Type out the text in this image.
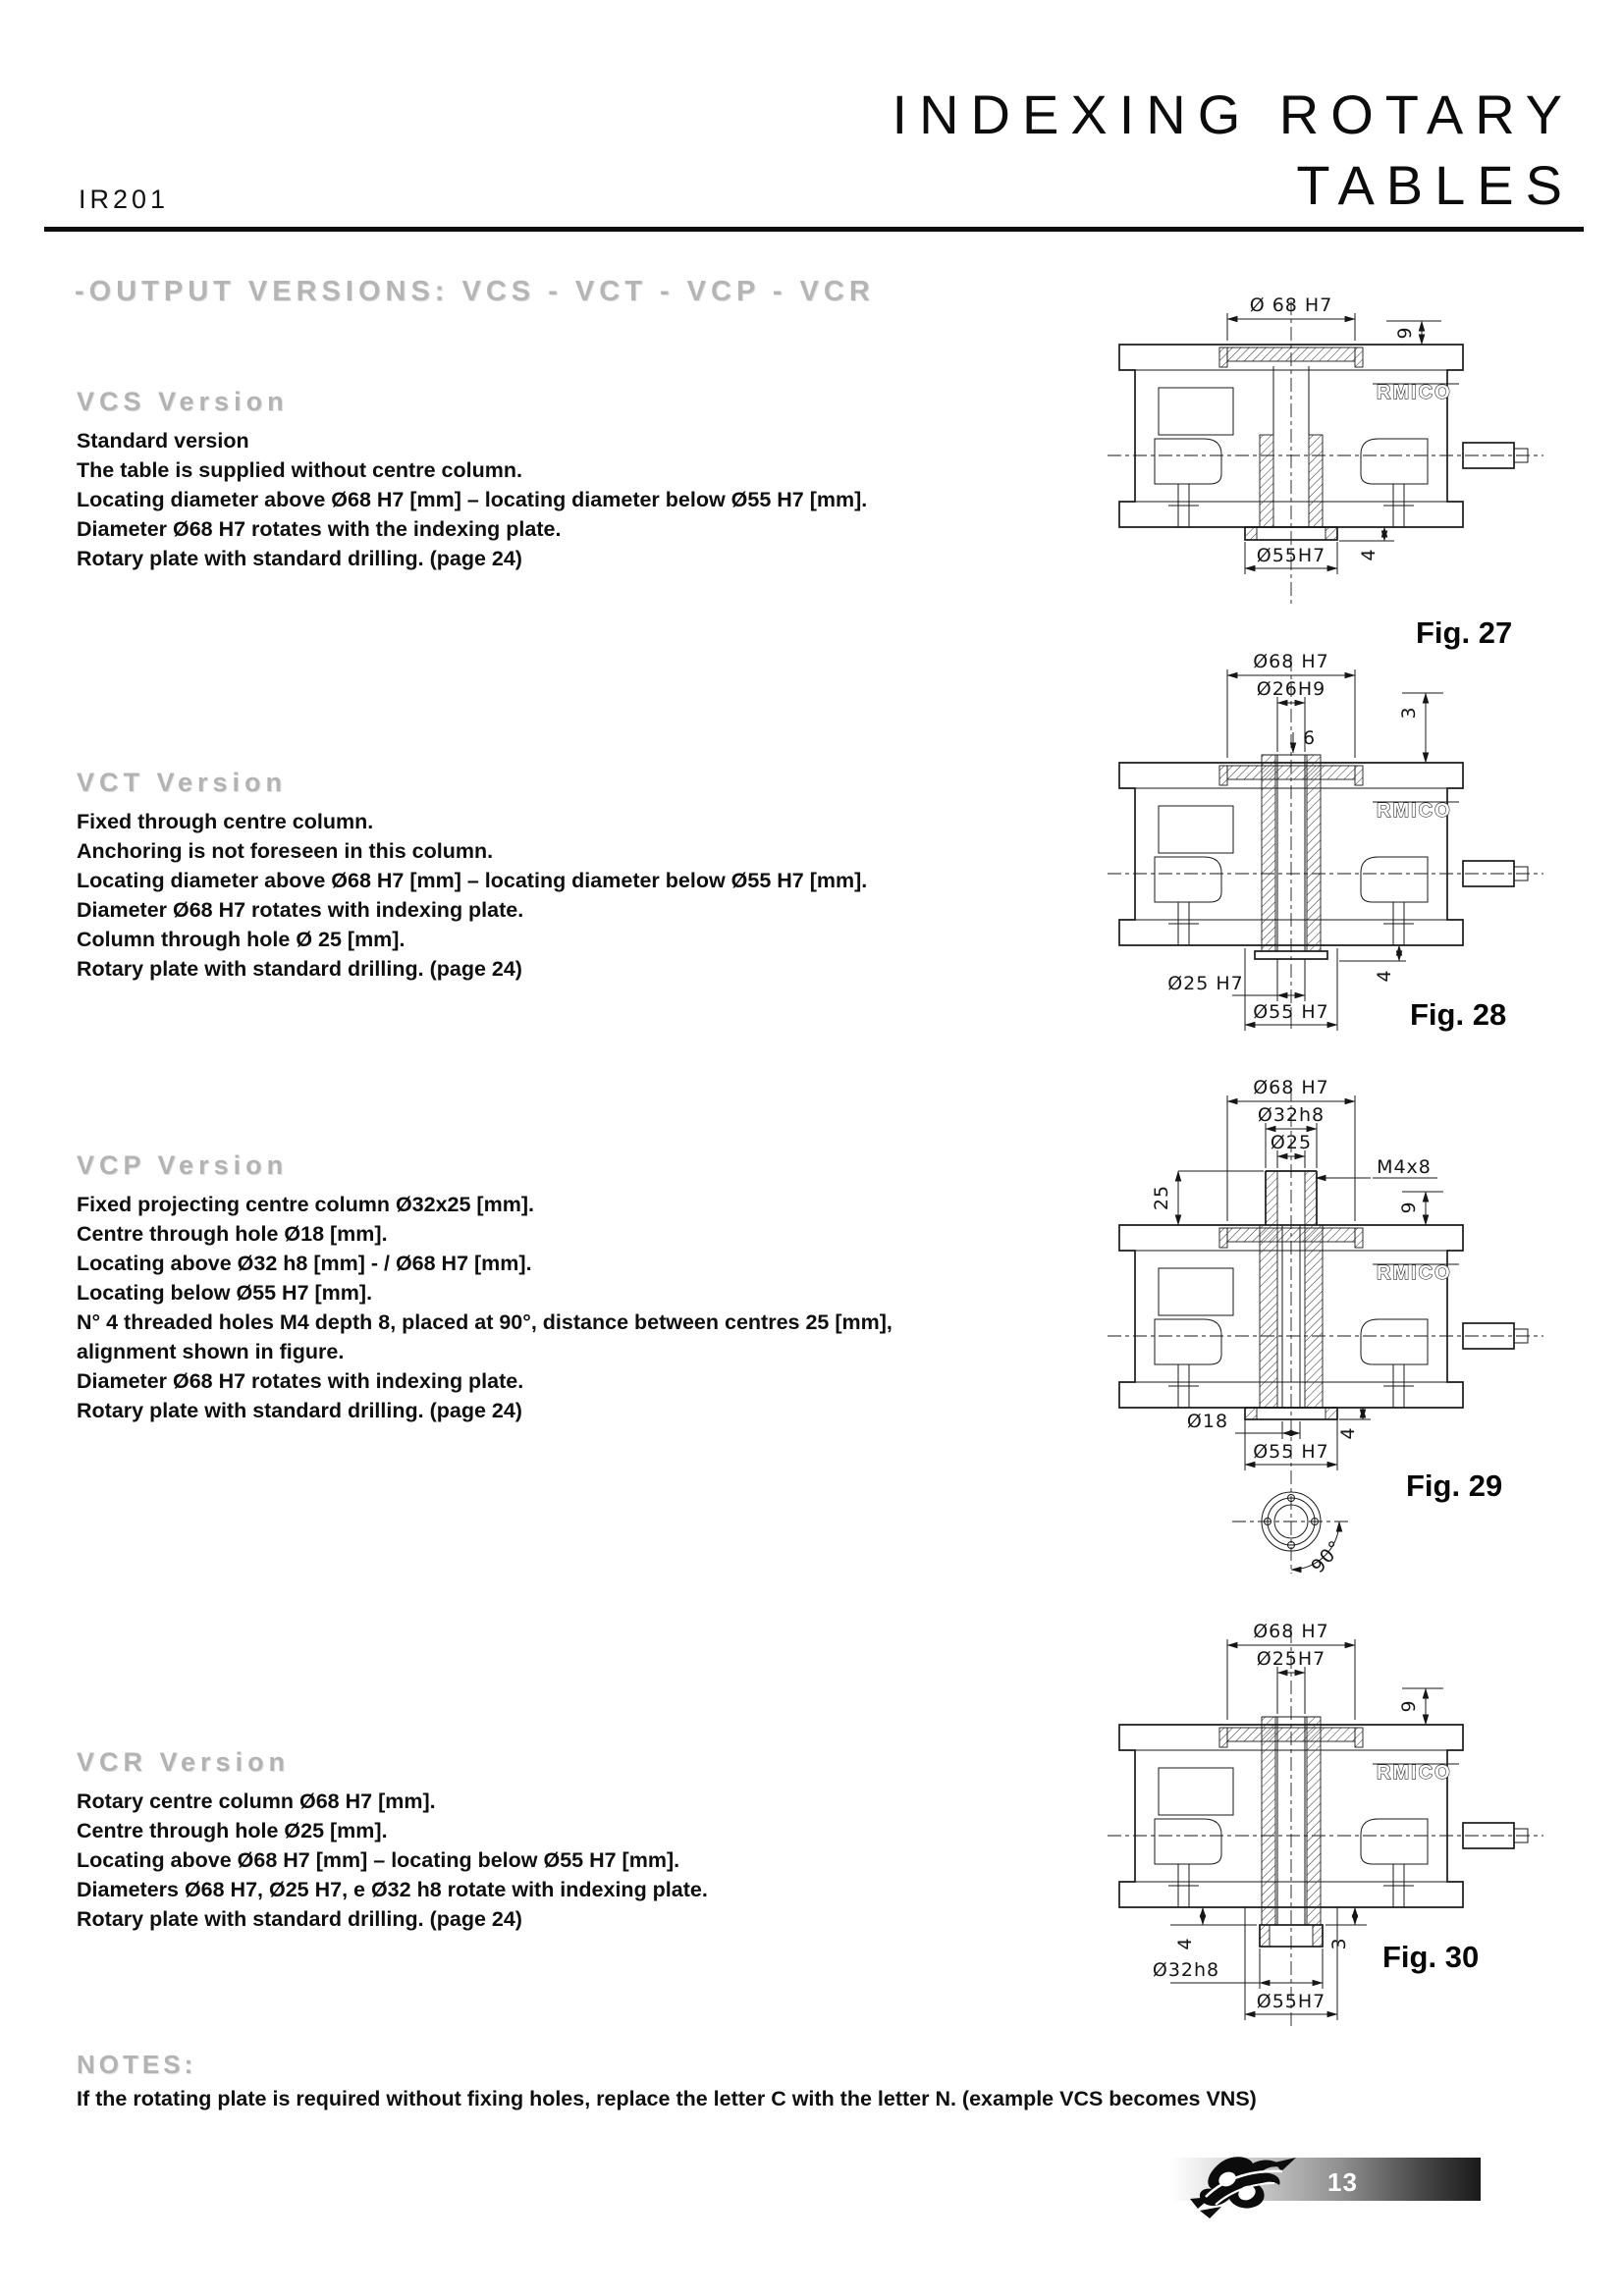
INDEXING ROTARY
TABLES
IR201
-OUTPUT VERSIONS: VCS - VCT - VCP - VCR
VCS Version
Standard version
The table is supplied without centre column.
Locating diameter above Ø68 H7 [mm] – locating diameter below Ø55 H7 [mm].
Diameter Ø68 H7 rotates with the indexing plate.
Rotary plate with standard drilling. (page 24)
VCT Version
Fixed through centre column.
Anchoring is not foreseen in this column.
Locating diameter above Ø68 H7 [mm] – locating diameter below Ø55 H7 [mm].
Diameter Ø68 H7 rotates with indexing plate.
Column through hole Ø 25 [mm].
Rotary plate with standard drilling. (page 24)
VCP Version
Fixed projecting centre column Ø32x25 [mm].
Centre through hole Ø18 [mm].
Locating above Ø32 h8 [mm] - / Ø68 H7 [mm].
Locating below Ø55 H7 [mm].
N° 4 threaded holes M4 depth 8, placed at 90°, distance between centres 25 [mm],
alignment shown in figure.
Diameter Ø68 H7 rotates with indexing plate.
Rotary plate with standard drilling. (page 24)
VCR Version
Rotary centre column Ø68 H7 [mm].
Centre through hole Ø25 [mm].
Locating above Ø68 H7 [mm] – locating below Ø55 H7 [mm].
Diameters Ø68 H7, Ø25 H7, e Ø32 h8 rotate with indexing plate.
Rotary plate with standard drilling. (page 24)
RMICO
Ø 68 H7
9
Ø55H7 4
Fig. 27
RMICO
Ø68 H7
Ø26H9
6
3
Ø25 H7
Ø55 H7
4
Fig. 28
RMICO
Ø68 H7
Ø32h8
Ø25
25
M4x8
9
4
Ø18
Ø55 H7
90°
Fig. 29
RMICO
Ø68 H7
Ø25H7
9
4	3
Ø32h8
Ø55H7
Fig. 30
NOTES:
If the rotating plate is required without fixing holes, replace the letter C with the letter N. (example VCS becomes VNS)
13
